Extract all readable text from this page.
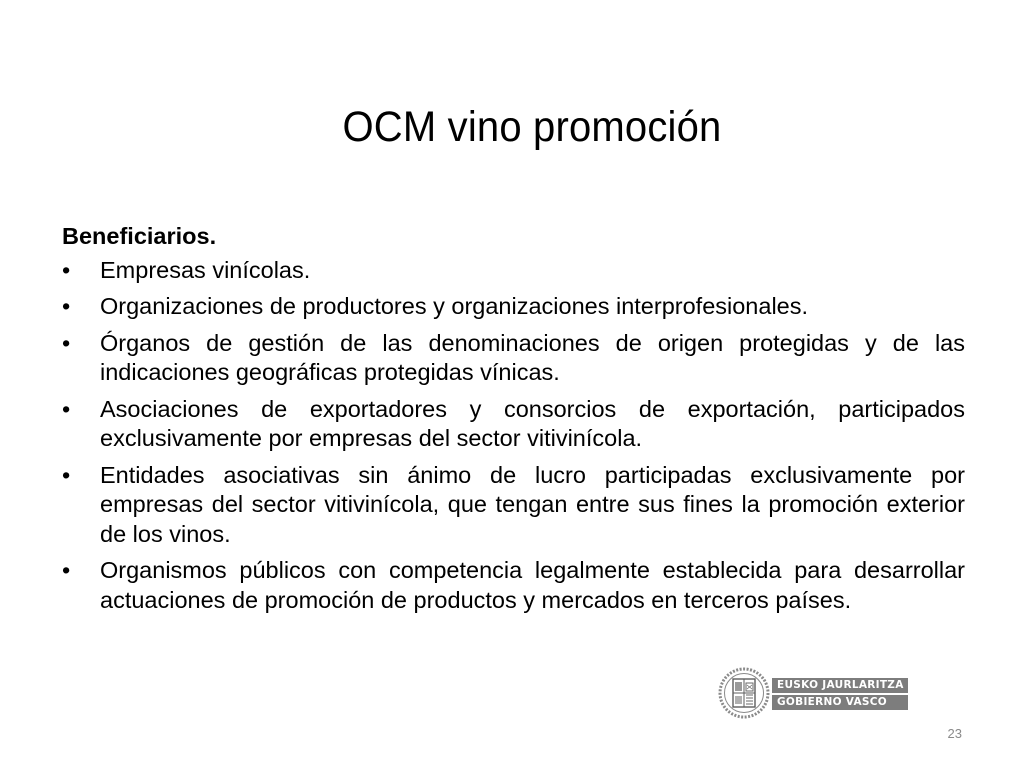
OCM vino promoción
Beneficiarios.
• Empresas vinícolas.
• Organizaciones de productores y organizaciones interprofesionales.
• Órganos de gestión de las denominaciones de origen protegidas y de las indicaciones geográficas protegidas vínicas.
• Asociaciones de exportadores y consorcios de exportación, participados exclusivamente por empresas del sector vitivinícola.
• Entidades asociativas sin ánimo de lucro participadas exclusivamente por empresas del sector vitivinícola, que tengan entre sus fines la promoción exterior de los vinos.
• Organismos públicos con competencia legalmente establecida para desarrollar actuaciones de promoción de productos y mercados en terceros países.
EUSKO JAURLARITZA
GOBIERNO VASCO
23
